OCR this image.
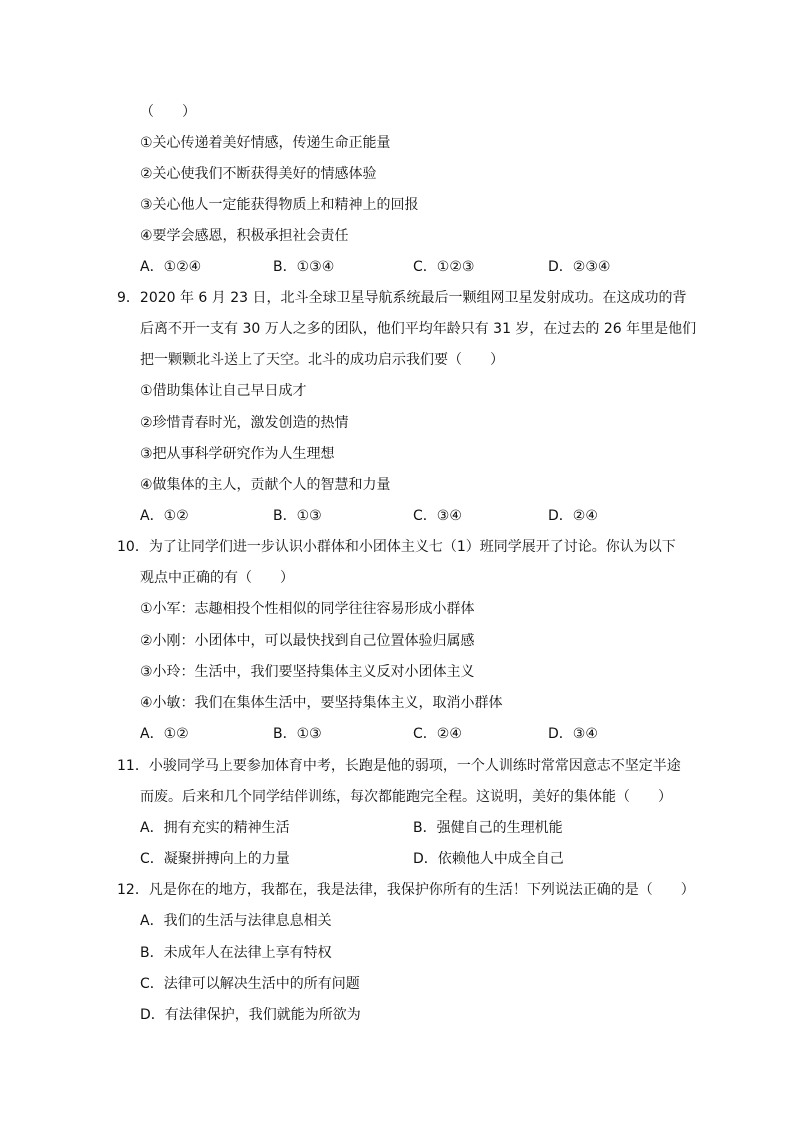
（　　）
①关心传递着美好情感，传递生命正能量
②关心使我们不断获得美好的情感体验
③关心他人一定能获得物质上和精神上的回报
④要学会感恩，积极承担社会责任
A．①②④	B．①③④	C．①②③	D．②③④
9．2020 年 6 月 23 日，北斗全球卫星导航系统最后一颗组网卫星发射成功。在这成功的背
后离不开一支有 30 万人之多的团队，他们平均年龄只有 31 岁，在过去的 26 年里是他们
把一颗颗北斗送上了天空。北斗的成功启示我们要（　　）
①借助集体让自己早日成才
②珍惜青春时光，激发创造的热情
③把从事科学研究作为人生理想
④做集体的主人，贡献个人的智慧和力量
A．①②	B．①③	C．③④	D．②④
10．为了让同学们进一步认识小群体和小团体主义七（1）班同学展开了讨论。你认为以下
观点中正确的有（　　）
①小军：志趣相投个性相似的同学往往容易形成小群体
②小刚：小团体中，可以最快找到自己位置体验归属感
③小玲：生活中，我们要坚持集体主义反对小团体主义
④小敏：我们在集体生活中，要坚持集体主义，取消小群体
A．①②	B．①③	C．②④	D．③④
11．小骏同学马上要参加体育中考，长跑是他的弱项，一个人训练时常常因意志不坚定半途
而废。后来和几个同学结伴训练，每次都能跑完全程。这说明，美好的集体能（　　）
A．拥有充实的精神生活	B．强健自己的生理机能
C．凝聚拼搏向上的力量	D．依赖他人中成全自己
12．凡是你在的地方，我都在，我是法律，我保护你所有的生活！下列说法正确的是（　　）
A．我们的生活与法律息息相关
B．未成年人在法律上享有特权
C．法律可以解决生活中的所有问题
D．有法律保护，我们就能为所欲为
